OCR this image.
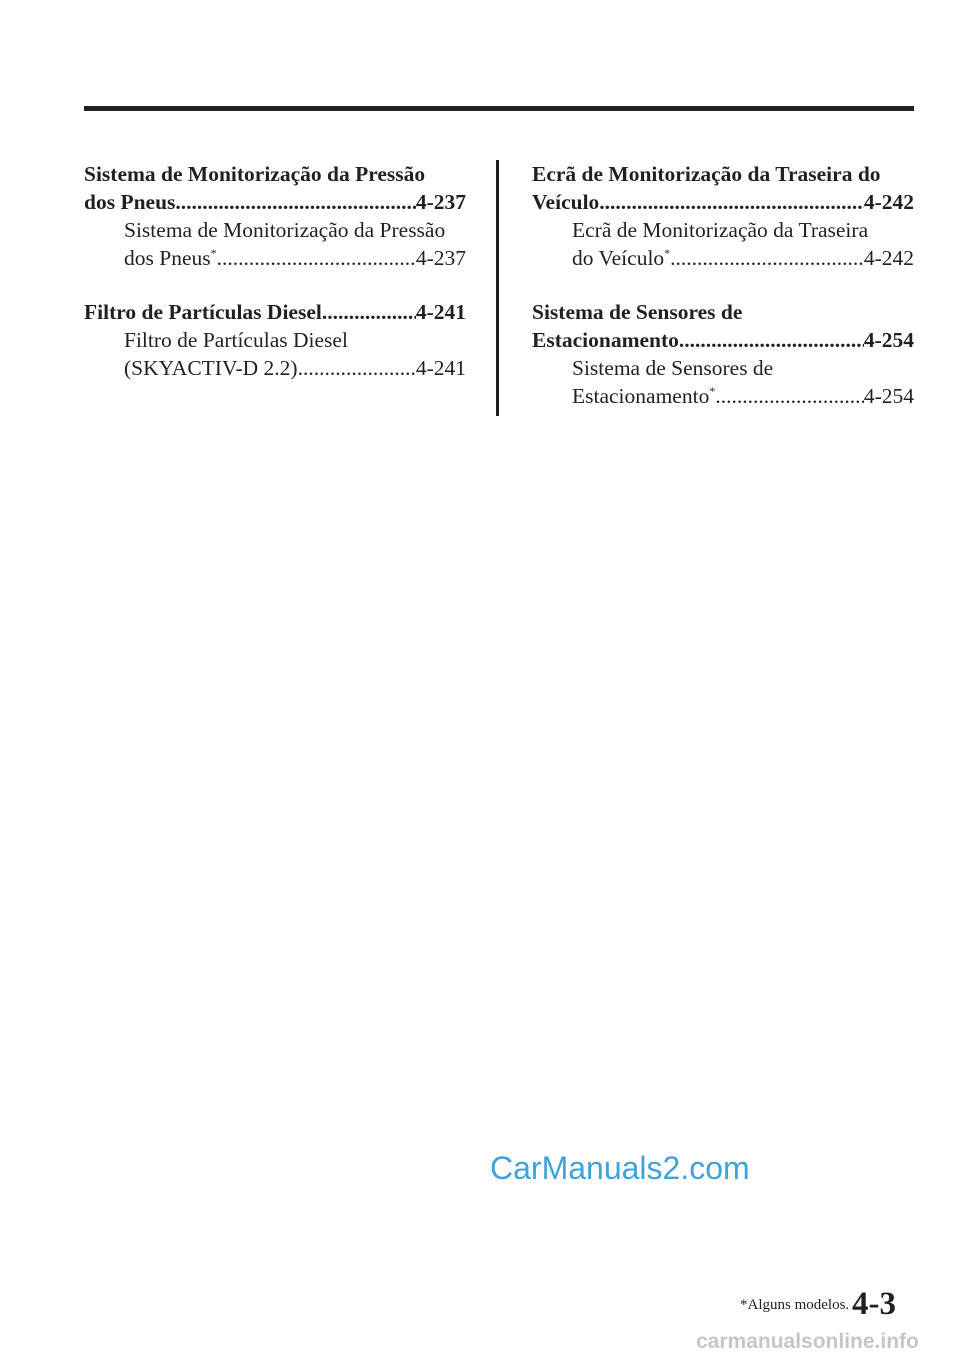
Sistema de Monitorização da Pressão
dos Pneus .....	4-237
Sistema de Monitorização da Pressão
dos Pneus * .....	4-237
Filtro de Partículas Diesel .....	4-241
Filtro de Partículas Diesel
(SKYACTIV-D 2.2) .....	4-241
Ecrã de Monitorização da Traseira do
Veículo .....	4-242
Ecrã de Monitorização da Traseira
do Veículo * .....	4-242
Sistema de Sensores de
Estacionamento .....	4-254
Sistema de Sensores de
Estacionamento * .....	4-254
CarManuals2.com
*Alguns modelos. 4-3
carmanualsonline.info
